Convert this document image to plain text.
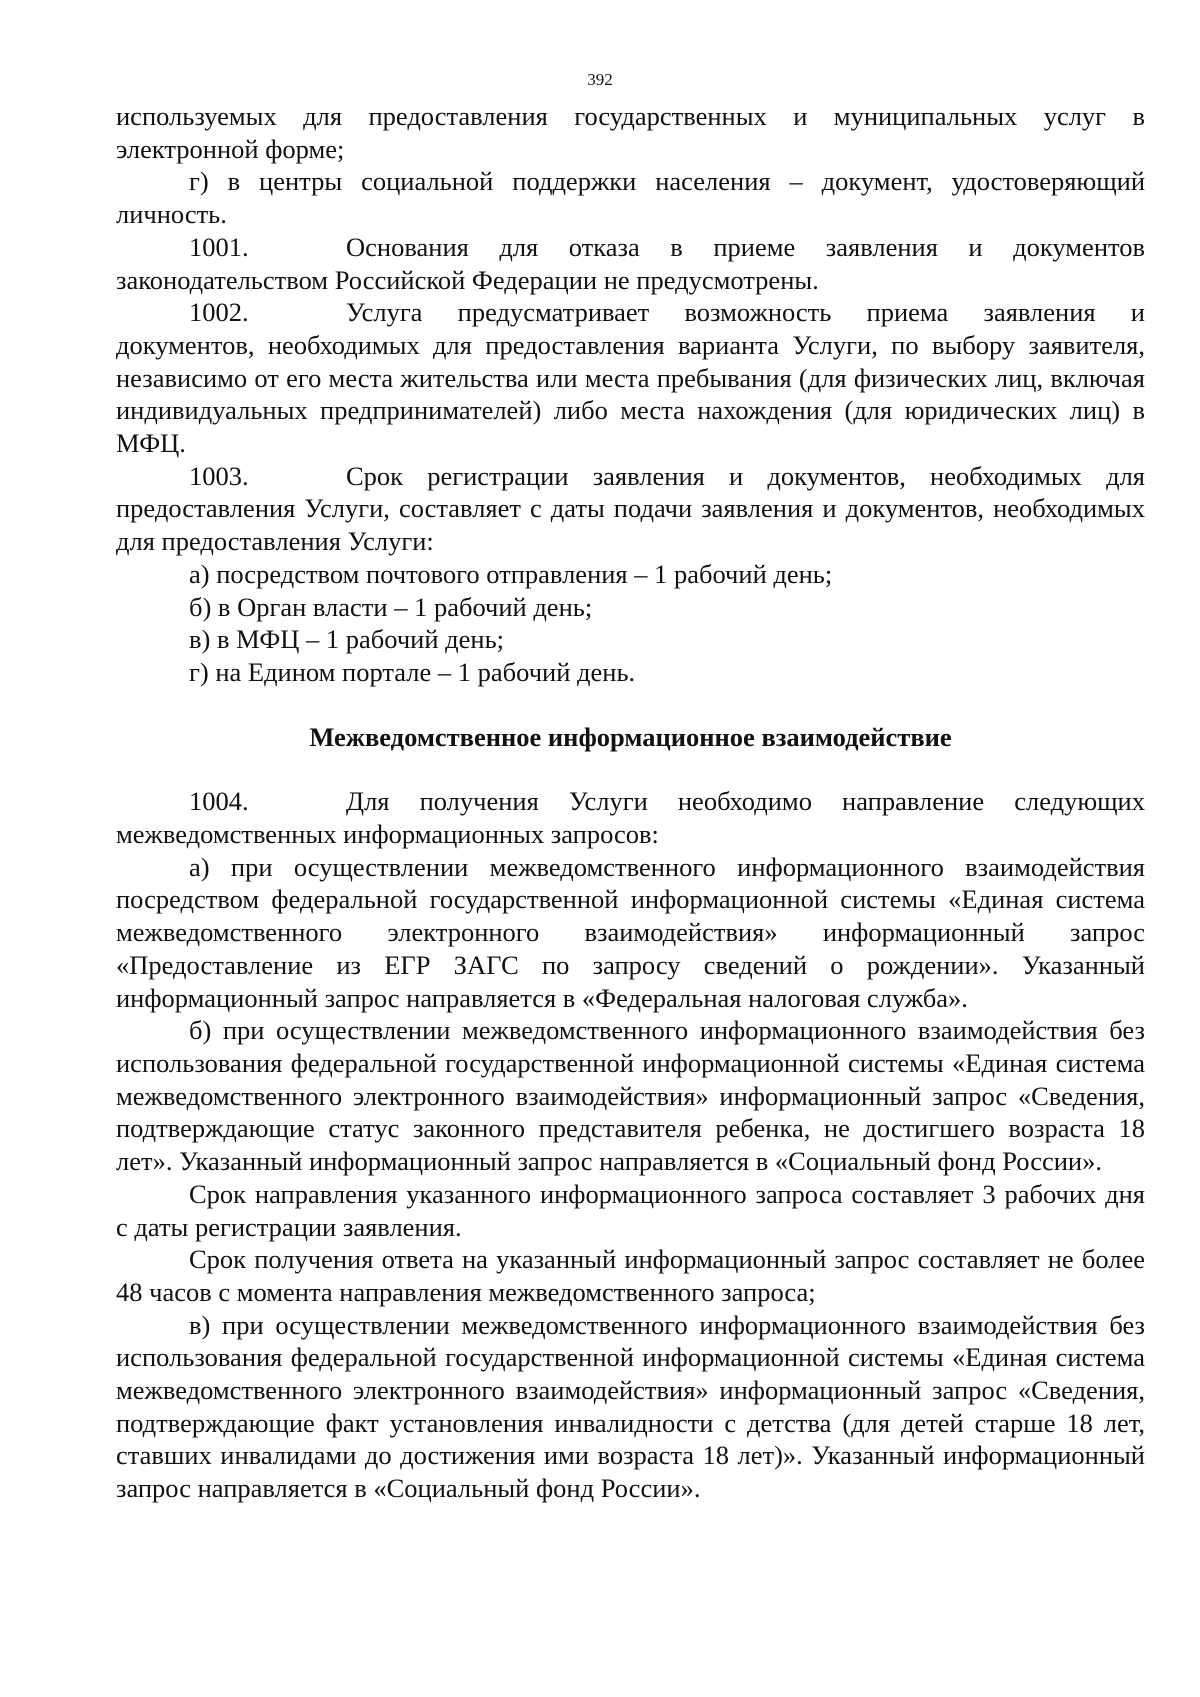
392

используемых для предоставления государственных и муниципальных услуг в электронной форме;

г) в центры социальной поддержки населения – документ, удостоверяющий личность.

1001.	Основания для отказа в приеме заявления и документов законодательством Российской Федерации не предусмотрены.

1002.	Услуга предусматривает возможность приема заявления и документов, необходимых для предоставления варианта Услуги, по выбору заявителя, независимо от его места жительства или места пребывания (для физических лиц, включая индивидуальных предпринимателей) либо места нахождения (для юридических лиц) в МФЦ.

1003.	Срок регистрации заявления и документов, необходимых для предоставления Услуги, составляет с даты подачи заявления и документов, необходимых для предоставления Услуги:

а) посредством почтового отправления – 1 рабочий день;

б) в Орган власти – 1 рабочий день;

в) в МФЦ – 1 рабочий день;

г) на Едином портале – 1 рабочий день.

Межведомственное информационное взаимодействие

1004.	Для получения Услуги необходимо направление следующих межведомственных информационных запросов:

а) при осуществлении межведомственного информационного взаимодействия посредством федеральной государственной информационной системы «Единая система межведомственного электронного взаимодействия» информационный запрос «Предоставление из ЕГР ЗАГС по запросу сведений о рождении». Указанный информационный запрос направляется в «Федеральная налоговая служба».

б) при осуществлении межведомственного информационного взаимодействия без использования федеральной государственной информационной системы «Единая система межведомственного электронного взаимодействия» информационный запрос «Сведения, подтверждающие статус законного представителя ребенка, не достигшего возраста 18 лет». Указанный информационный запрос направляется в «Социальный фонд России».

Срок направления указанного информационного запроса составляет 3 рабочих дня с даты регистрации заявления.

Срок получения ответа на указанный информационный запрос составляет не более 48 часов с момента направления межведомственного запроса;

в) при осуществлении межведомственного информационного взаимодействия без использования федеральной государственной информационной системы «Единая система межведомственного электронного взаимодействия» информационный запрос «Сведения, подтверждающие факт установления инвалидности с детства (для детей старше 18 лет, ставших инвалидами до достижения ими возраста 18 лет)». Указанный информационный запрос направляется в «Социальный фонд России».
